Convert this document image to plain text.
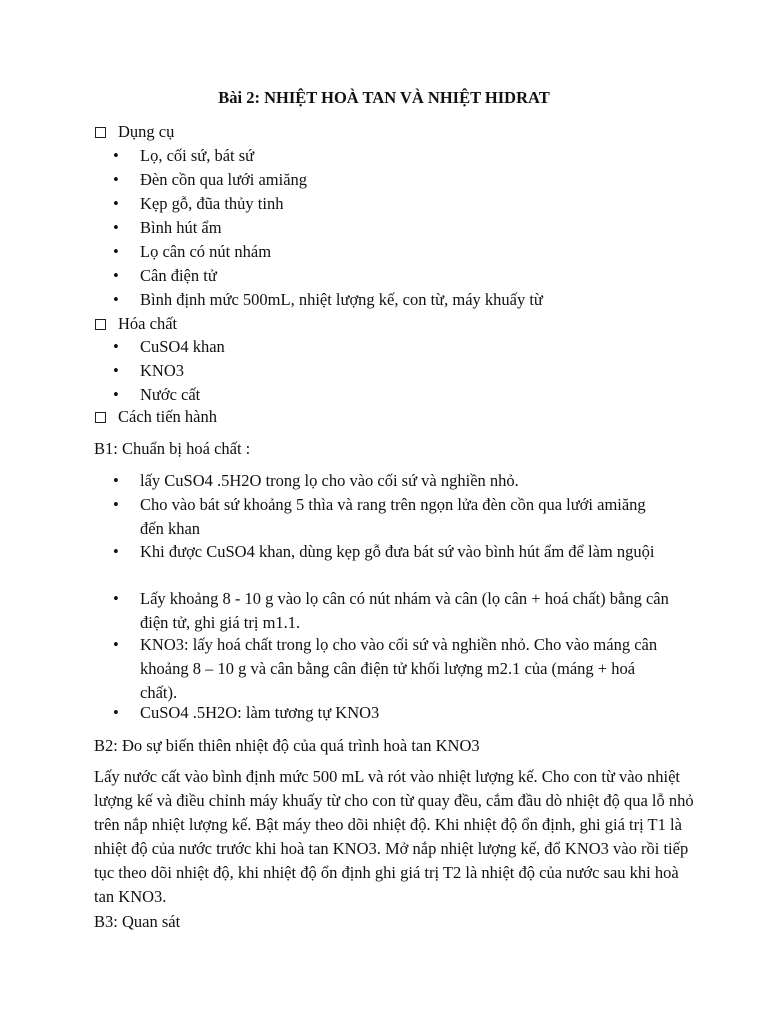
Bài 2: NHIỆT HOÀ TAN VÀ NHIỆT HIDRAT
Dụng cụ
• Lọ, cối sứ, bát sứ
• Đèn cồn qua lưới amiăng
• Kẹp gỗ, đũa thủy tinh
• Bình hút ẩm
• Lọ cân có nút nhám
• Cân điện tử
• Bình định mức 500mL, nhiệt lượng kế, con từ, máy khuấy từ
Hóa chất
• CuSO4 khan
• KNO3
• Nước cất
Cách tiến hành
B1: Chuẩn bị hoá chất :
• lấy CuSO4 .5H2O trong lọ cho vào cối sứ và nghiền nhỏ.
• Cho vào bát sứ khoảng 5 thìa và rang trên ngọn lửa đèn cồn qua lưới amiăng đến khan
• Khi được CuSO4 khan, dùng kẹp gỗ đưa bát sứ vào bình hút ẩm để làm nguội
• Lấy khoảng 8 - 10 g vào lọ cân có nút nhám và cân (lọ cân + hoá chất) bằng cân điện tử, ghi giá trị m1.1.
• KNO3: lấy hoá chất trong lọ cho vào cối sứ và nghiền nhỏ. Cho vào máng cân khoảng 8 – 10 g và cân bằng cân điện tử khối lượng m2.1 của (máng + hoá chất).
• CuSO4 .5H2O: làm tương tự KNO3
B2: Đo sự biến thiên nhiệt độ của quá trình hoà tan KNO3
Lấy nước cất vào bình định mức 500 mL và rót vào nhiệt lượng kế. Cho con từ vào nhiệt lượng kế và điều chỉnh máy khuấy từ cho con từ quay đều, cắm đầu dò nhiệt độ qua lỗ nhỏ trên nắp nhiệt lượng kế. Bật máy theo dõi nhiệt độ. Khi nhiệt độ ổn định, ghi giá trị T1 là nhiệt độ của nước trước khi hoà tan KNO3. Mở nắp nhiệt lượng kế, đổ KNO3 vào rồi tiếp tục theo dõi nhiệt độ, khi nhiệt độ ổn định ghi giá trị T2 là nhiệt độ của nước sau khi hoà tan KNO3.
B3: Quan sát
